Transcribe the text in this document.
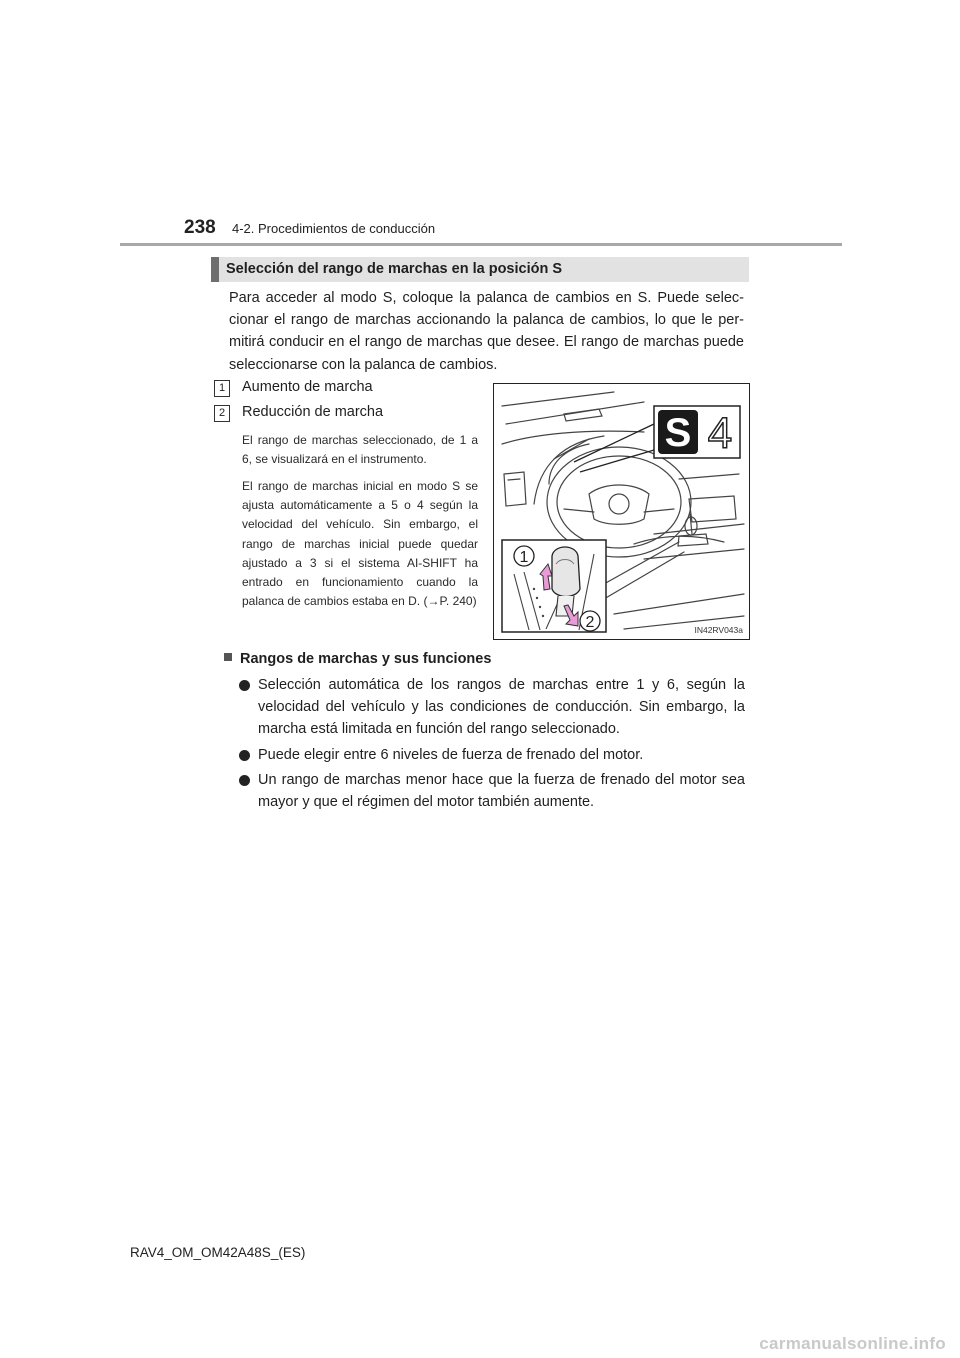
238 4-2. Procedimientos de conducción
Selección del rango de marchas en la posición S
Para acceder al modo S, coloque la palanca de cambios en S. Puede seleccionar el rango de marchas accionando la palanca de cambios, lo que le permitirá conducir en el rango de marchas que desee. El rango de marchas puede seleccionarse con la palanca de cambios.
1	Aumento de marcha
2	Reducción de marcha
El rango de marchas seleccionado, de 1 a 6, se visualizará en el instrumento.
El rango de marchas inicial en modo S se ajusta automáticamente a 5 o 4 según la velocidad del vehículo. Sin embargo, el rango de marchas inicial puede quedar ajustado a 3 si el sistema AI-SHIFT ha entrado en funcionamiento cuando la palanca de cambios estaba en D. (→P. 240)
S 4
1
2	IN42RV043a
Rangos de marchas y sus funciones
Selección automática de los rangos de marchas entre 1 y 6, según la velocidad del vehículo y las condiciones de conducción. Sin embargo, la marcha está limitada en función del rango seleccionado.
Puede elegir entre 6 niveles de fuerza de frenado del motor.
Un rango de marchas menor hace que la fuerza de frenado del motor sea mayor y que el régimen del motor también aumente.
RAV4_OM_OM42A48S_(ES)
carmanualsonline.info
